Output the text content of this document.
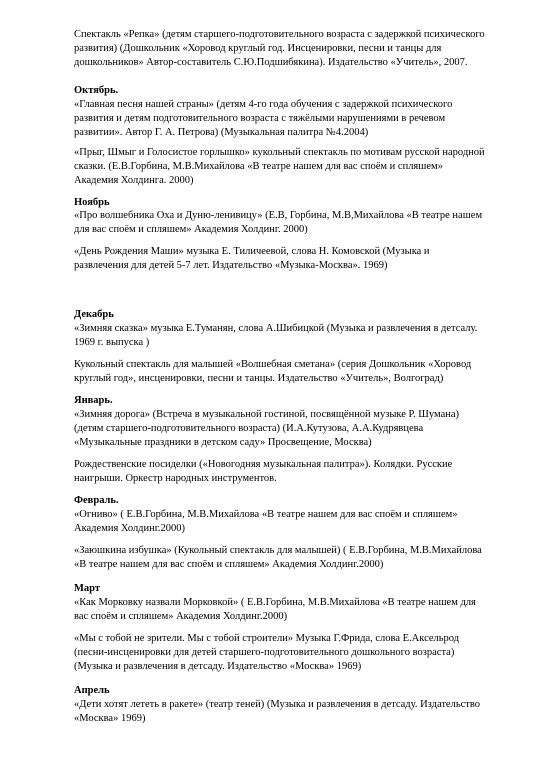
Спектакль «Репка» (детям старшего-подготовительного возраста с задержкой психического
развития) (Дошкольник «Хоровод круглый год. Инсценировки, песни и танцы для
дошкольников» Автор-составитель С.Ю.Подшибякина). Издательство «Учитель», 2007.
Октябрь.
«Главная песня нашей страны» (детям 4-го года обучения с задержкой психического
развития и детям подготовительного возраста с тяжёлыми нарушениями в речевом
развитии». Автор Г. А. Петрова) (Музыкальная палитра №4.2004)
«Прыг, Шмыг и Голосистое горлышко» кукольный спектакль по мотивам русской народной
сказки. (Е.В.Горбина, М.В.Михайлова «В театре нашем для вас споём и спляшем»
Академия Холдинга. 2000)
Ноябрь
«Про волшебника Оха и Дуню-ленивицу» (Е.В, Горбина, М.В,Михайлова «В театре нашем
для вас споём и спляшем» Академия Холдинг. 2000)
«День Рождения Маши» музыка Е. Тиличеевой, слова Н. Комовской (Музыка и
развлечения для детей 5-7 лет. Издательство «Музыка-Москва». 1969)
Декабрь
«Зимняя сказка» музыка Е.Туманян, слова А.Шибицкой (Музыка и развлечения в детсалу.
1969 г. выпуска )
Кукольный спектакль для малышей «Волшебная сметана» (серия Дошкольник «Хоровод
круглый год», инсценировки, песни и танцы. Издательство «Учитель», Волгоград)
Январь.
«Зимняя дорога» (Встреча в музыкальной гостиной, посвящённой музыке Р. Шумана)
(детям старшего-подготовительного возраста) (И.А.Кутузова, А.А.Кудрявцева
«Музыкальные праздники в детском саду» Просвещение, Москва)
Рождественские посиделки («Новогодняя музыкальная палитра»). Колядки. Русские
наигрыши. Оркестр народных инструментов.
Февраль.
«Огниво» ( Е.В.Горбина, М.В.Михайлова «В театре нашем для вас споём и спляшем»
Академия Холдинг.2000)
«Заюшкина избушка» (Кукольный спектакль для малышей) ( Е.В.Горбина, М.В.Михайлова
«В театре нашем для вас споём и спляшем» Академия Холдинг.2000)
Март
«Как Морковку назвали Морковкой» ( Е.В.Горбина, М.В.Михайлова «В театре нашем для
вас споём и спляшем» Академия Холдинг.2000)
«Мы с тобой не зрители. Мы с тобой строители» Музыка Г.Фрида, слова Е.Аксельрод
(песни-инсценировки для детей старшего-подготовительного дошкольного возраста)
(Музыка и развлечения в детсаду. Издательство «Москва» 1969)
Апрель
«Дети хотят лететь в ракете» (театр теней) (Музыка и развлечения в детсаду. Издательство
«Москва» 1969)
